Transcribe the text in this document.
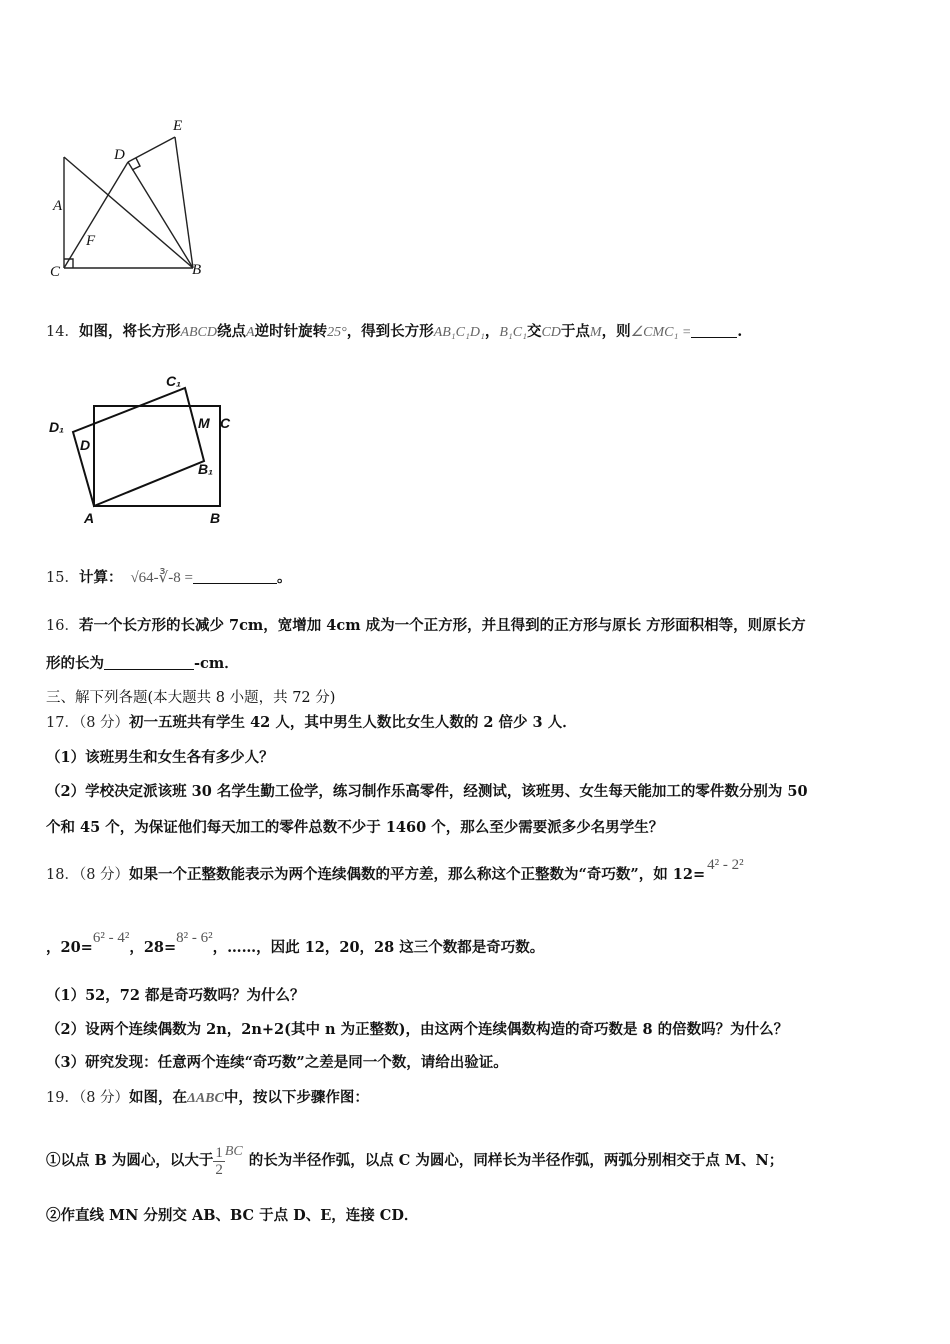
E
D
A
F
C	B
14．如图，将长方形ABCD绕点A逆时针旋转25°，得到长方形AB₁C₁D₁，B₁C₁交CD于点M，则∠CMC₁ =	.
C₁
D₁	M C
D
B₁
A	B
15．计算： √64-∛-8 =	。
16．若一个长方形的长减少 7cm，宽增加 4cm 成为一个正方形，并且得到的正方形与原长 方形面积相等，则原长方
形的长为	-cm．
三、解下列各题(本大题共 8 小题，共 72 分)
17．（8 分）初一五班共有学生 42 人，其中男生人数比女生人数的 2 倍少 3 人．
（1）该班男生和女生各有多少人？
（2）学校决定派该班 30 名学生勤工俭学，练习制作乐高零件，经测试，该班男、女生每天能加工的零件数分别为 50
个和 45 个，为保证他们每天加工的零件总数不少于 1460 个，那么至少需要派多少名男学生？
18．（8 分）如果一个正整数能表示为两个连续偶数的平方差，那么称这个正整数为“奇巧数”，如 12=4² - 2²
，20=6² - 4²，28=8² - 6²，……，因此 12，20，28 这三个数都是奇巧数。
（1）52，72 都是奇巧数吗？为什么？
（2）设两个连续偶数为 2n，2n+2(其中 n 为正整数)，由这两个连续偶数构造的奇巧数是 8 的倍数吗？为什么？
（3）研究发现：任意两个连续“奇巧数”之差是同一个数，请给出验证。
19．（8 分）如图，在ΔABC中，按以下步骤作图：
①以点 B 为圆心，以大于 $\frac{1}{2}$ BC的长为半径作弧，以点 C 为圆心，同样长为半径作弧，两弧分别相交于点 M、N；
②作直线 MN 分别交 AB、BC 于点 D、E，连接 CD．
